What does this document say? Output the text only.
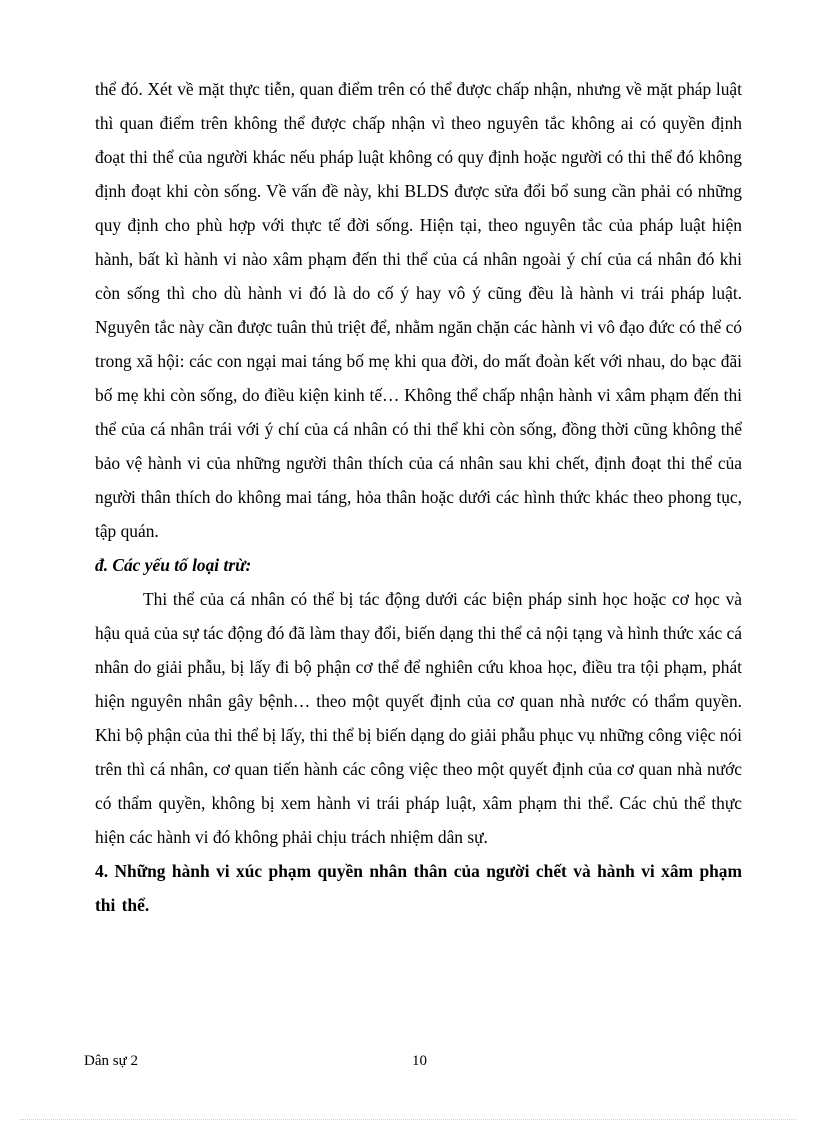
thể đó. Xét về mặt thực tiễn, quan điểm trên có thể được chấp nhận, nhưng về mặt pháp luật thì quan điểm trên không thể được chấp nhận vì theo nguyên tắc không ai có quyền định đoạt thi thể của người khác nếu pháp luật không có quy định hoặc người có thi thể đó không định đoạt khi còn sống. Về vấn đề này, khi BLDS được sửa đổi bổ sung cần phải có những quy định cho phù hợp với thực tế đời sống. Hiện tại, theo nguyên tắc của pháp luật hiện hành, bất kì hành vi nào xâm phạm đến thi thể của cá nhân ngoài ý chí của cá nhân đó khi còn sống thì cho dù hành vi đó là do cố ý hay vô ý cũng đều là hành vi trái pháp luật. Nguyên tắc này cần được tuân thủ triệt để, nhằm ngăn chặn các hành vi vô đạo đức có thể có trong xã hội: các con ngại mai táng bố mẹ khi qua đời, do mất đoàn kết với nhau, do bạc đãi bố mẹ khi còn sống, do điều kiện kinh tế… Không thể chấp nhận hành vi xâm phạm đến thi thể của cá nhân trái với ý chí của cá nhân có thi thể khi còn sống, đồng thời cũng không thể bảo vệ hành vi của những người thân thích của cá nhân sau khi chết, định đoạt thi thể của người thân thích do không mai táng, hỏa thân hoặc dưới các hình thức khác theo phong tục, tập quán.

đ. Các yếu tố loại trừ:

Thi thể của cá nhân có thể bị tác động dưới các biện pháp sinh học hoặc cơ học và hậu quả của sự tác động đó đã làm thay đổi, biến dạng thi thể cả nội tạng và hình thức xác cá nhân do giải phẫu, bị lấy đi bộ phận cơ thể để nghiên cứu khoa học, điều tra tội phạm, phát hiện nguyên nhân gây bệnh… theo một quyết định của cơ quan nhà nước có thẩm quyền. Khi bộ phận của thi thể bị lấy, thi thể bị biến dạng do giải phẫu phục vụ những công việc nói trên thì cá nhân, cơ quan tiến hành các công việc theo một quyết định của cơ quan nhà nước có thẩm quyền, không bị xem hành vi trái pháp luật, xâm phạm thi thể. Các chủ thể thực hiện các hành vi đó không phải chịu trách nhiệm dân sự.

4. Những hành vi xúc phạm quyền nhân thân của người chết và hành vi xâm phạm thi thể.

Dân sự 2	10
